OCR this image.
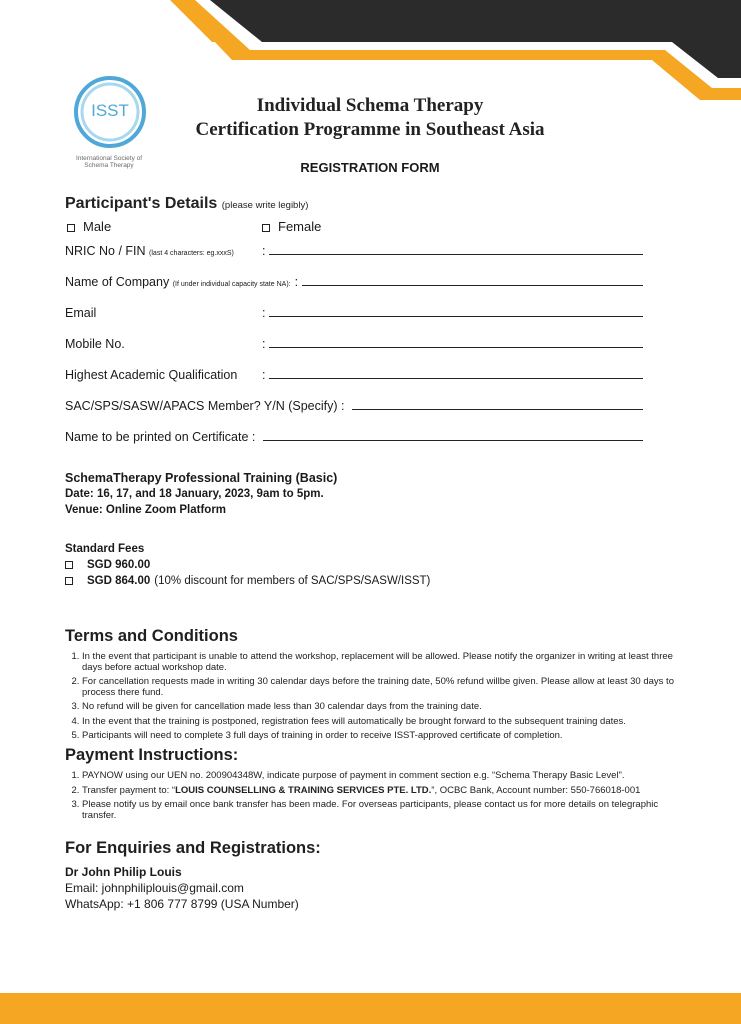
ISST
International Society of Schema Therapy
Individual Schema Therapy
Certification Programme in Southeast Asia
REGISTRATION FORM
Participant's Details (please write legibly)
Male	Female
NRIC No / FIN (last 4 characters: eg.xxxS)	:
Name of Company (If under individual capacity state NA): :
Email	:
Mobile No.	:
Highest Academic Qualification	:
SAC/SPS/SASW/APACS Member? Y/N (Specify) :
Name to be printed on Certificate :
SchemaTherapy Professional Training (Basic)
Date: 16, 17, and 18 January, 2023, 9am to 5pm.
Venue: Online Zoom Platform
Standard Fees
SGD 960.00
SGD 864.00 (10% discount for members of SAC/SPS/SASW/ISST)
Terms and Conditions
1. In the event that participant is unable to attend the workshop, replacement will be allowed. Please notify the organizer in writing at least three days before actual workshop date.
2. For cancellation requests made in writing 30 calendar days before the training date, 50% refund willbe given. Please allow at least 30 days to process there fund.
3. No refund will be given for cancellation made less than 30 calendar days from the training date.
4. In the event that the training is postponed, registration fees will automatically be brought forward to the subsequent training dates.
5. Participants will need to complete 3 full days of training in order to receive ISST-approved certificate of completion.
Payment Instructions:
1. PAYNOW using our UEN no. 200904348W, indicate purpose of payment in comment section e.g. “Schema Therapy Basic Level".
2. Transfer payment to: “LOUIS COUNSELLING & TRAINING SERVICES PTE. LTD.”, OCBC Bank, Account number: 550-766018-001
3. Please notify us by email once bank transfer has been made. For overseas participants, please contact us for more details on telegraphic transfer.
For Enquiries and Registrations:
Dr John Philip Louis
Email: johnphiliplouis@gmail.com
WhatsApp: +1 806 777 8799 (USA Number)
